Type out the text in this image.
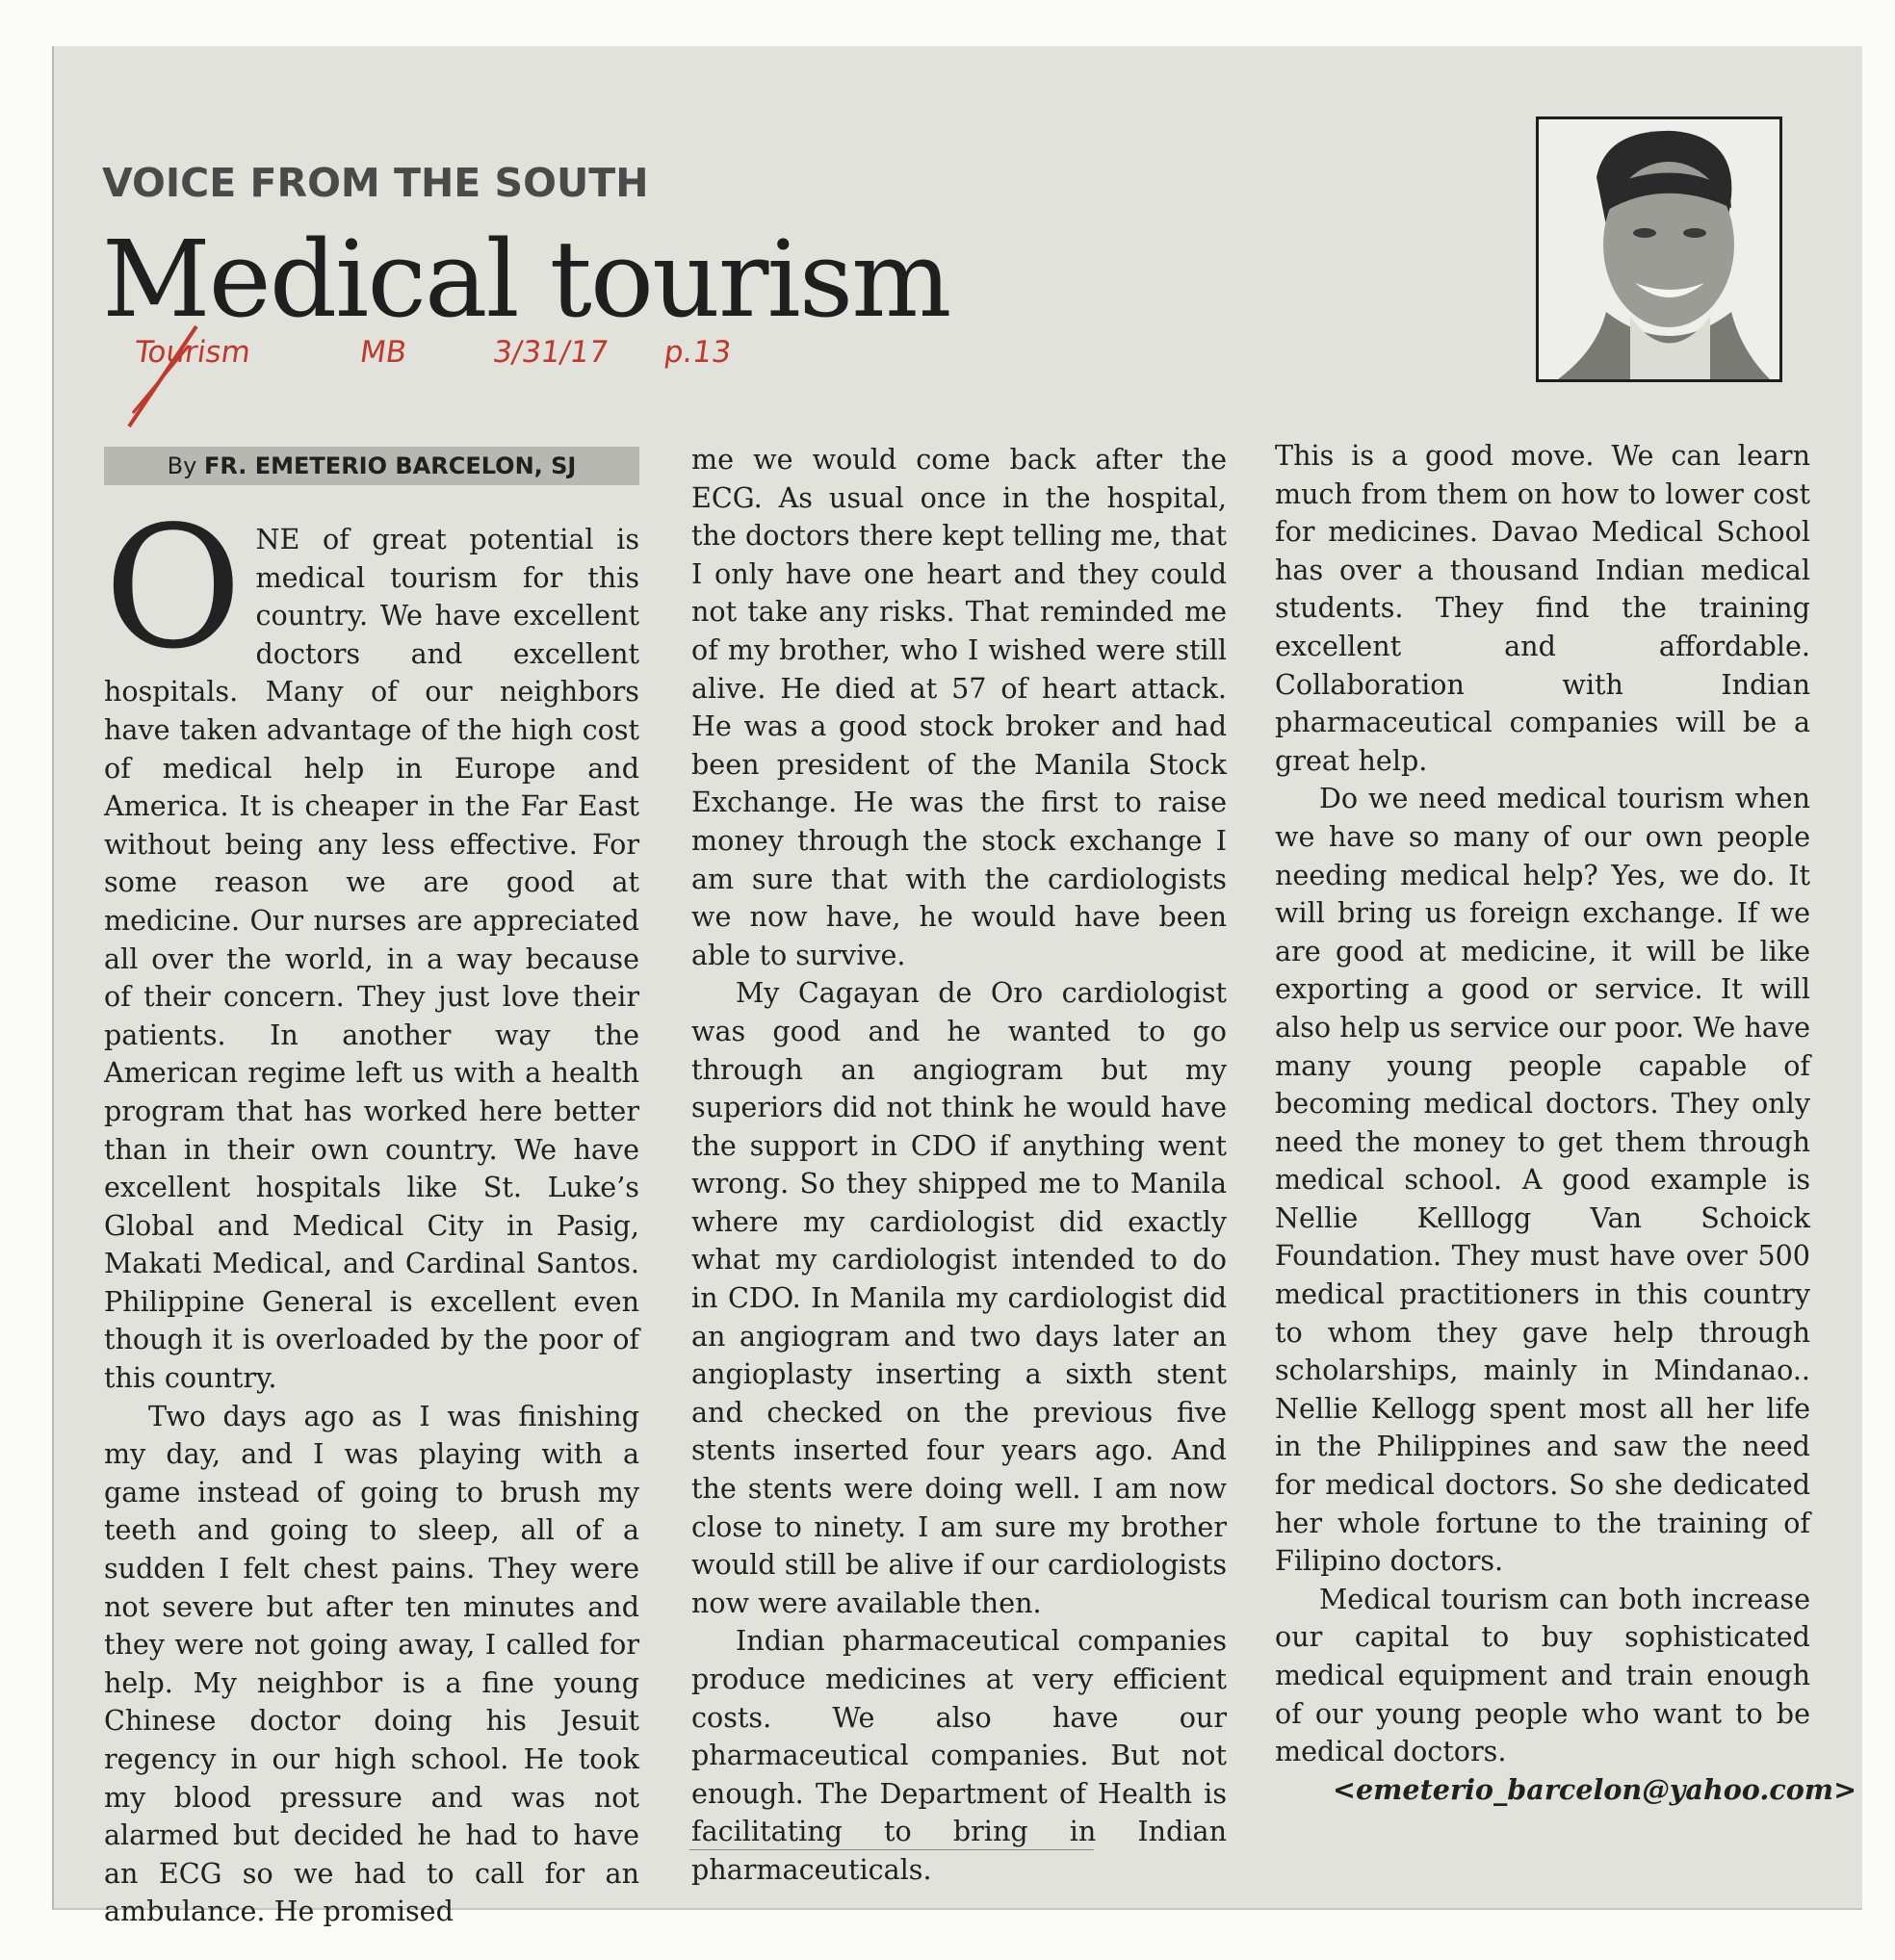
VOICE FROM THE SOUTH
Medical tourism
Tourism	MB	3/31/17 p.13
By FR. EMETERIO BARCELON, SJ

ONE of great potential is medical tourism for this country. We have excellent doctors and excellent hospitals. Many of our neighbors have taken advantage of the high cost of medical help in Europe and America. It is cheaper in the Far East without being any less effective. For some reason we are good at medicine. Our nurses are appreciated all over the world, in a way because of their concern. They just love their patients. In another way the American regime left us with a health program that has worked here better than in their own country. We have excellent hospitals like St. Luke’s Global and Medical City in Pasig, Makati Medical, and Cardinal Santos. Philippine General is excellent even though it is overloaded by the poor of this country.

Two days ago as I was finishing my day, and I was playing with a game instead of going to brush my teeth and going to sleep, all of a sudden I felt chest pains. They were not severe but after ten minutes and they were not going away, I called for help. My neighbor is a fine young Chinese doctor doing his Jesuit regency in our high school. He took my blood pressure and was not alarmed but decided he had to have an ECG so we had to call for an ambulance. He promised

me we would come back after the ECG. As usual once in the hospital, the doctors there kept telling me, that I only have one heart and they could not take any risks. That reminded me of my brother, who I wished were still alive. He died at 57 of heart attack. He was a good stock broker and had been president of the Manila Stock Exchange. He was the first to raise money through the stock exchange I am sure that with the cardiologists we now have, he would have been able to survive.

My Cagayan de Oro cardiologist was good and he wanted to go through an angiogram but my superiors did not think he would have the support in CDO if anything went wrong. So they shipped me to Manila where my cardiologist did exactly what my cardiologist intended to do in CDO. In Manila my cardiologist did an angiogram and two days later an angioplasty inserting a sixth stent and checked on the previous five stents inserted four years ago. And the stents were doing well. I am now close to ninety. I am sure my brother would still be alive if our cardiologists now were available then.

Indian pharmaceutical companies produce medicines at very efficient costs. We also have our pharmaceutical companies. But not enough. The Department of Health is facilitating to bring in Indian pharmaceuticals.

This is a good move. We can learn much from them on how to lower cost for medicines. Davao Medical School has over a thousand Indian medical students. They find the training excellent and affordable. Collaboration with Indian pharmaceutical companies will be a great help.

Do we need medical tourism when we have so many of our own people needing medical help? Yes, we do. It will bring us foreign exchange. If we are good at medicine, it will be like exporting a good or service. It will also help us service our poor. We have many young people capable of becoming medical doctors. They only need the money to get them through medical school. A good example is Nellie Kelllogg Van Schoick Foundation. They must have over 500 medical practitioners in this country to whom they gave help through scholarships, mainly in Mindanao.. Nellie Kellogg spent most all her life in the Philippines and saw the need for medical doctors. So she dedicated her whole fortune to the training of Filipino doctors.

Medical tourism can both increase our capital to buy sophisticated medical equipment and train enough of our young people who want to be medical doctors.

<emeterio_barcelon@yahoo.com>
